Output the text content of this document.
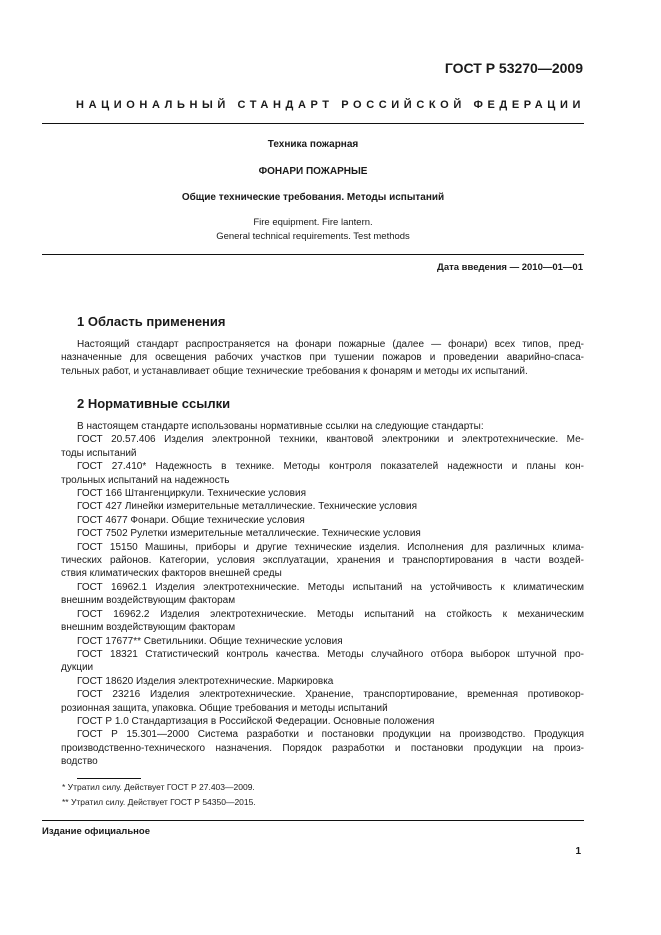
ГОСТ Р 53270—2009
НАЦИОНАЛЬНЫЙ СТАНДАРТ РОССИЙСКОЙ ФЕДЕРАЦИИ
Техника пожарная
ФОНАРИ ПОЖАРНЫЕ
Общие технические требования. Методы испытаний
Fire equipment. Fire lantern.
General technical requirements. Test methods
Дата введения — 2010—01—01
1 Область применения
Настоящий стандарт распространяется на фонари пожарные (далее — фонари) всех типов, пред-
назначенные для освещения рабочих участков при тушении пожаров и проведении аварийно-спаса-
тельных работ, и устанавливает общие технические требования к фонарям и методы их испытаний.
2 Нормативные ссылки
В настоящем стандарте использованы нормативные ссылки на следующие стандарты:
ГОСТ 20.57.406 Изделия электронной техники, квантовой электроники и электротехнические. Ме-
тоды испытаний
ГОСТ 27.410* Надежность в технике. Методы контроля показателей надежности и планы кон-
трольных испытаний на надежность
ГОСТ 166 Штангенциркули. Технические условия
ГОСТ 427 Линейки измерительные металлические. Технические условия
ГОСТ 4677 Фонари. Общие технические условия
ГОСТ 7502 Рулетки измерительные металлические. Технические условия
ГОСТ 15150 Машины, приборы и другие технические изделия. Исполнения для различных клима-
тических районов. Категории, условия эксплуатации, хранения и транспортирования в части воздей-
ствия климатических факторов внешней среды
ГОСТ 16962.1 Изделия электротехнические. Методы испытаний на устойчивость к климатическим
внешним воздействующим факторам
ГОСТ 16962.2 Изделия электротехнические. Методы испытаний на стойкость к механическим
внешним воздействующим факторам
ГОСТ 17677** Светильники. Общие технические условия
ГОСТ 18321 Статистический контроль качества. Методы случайного отбора выборок штучной про-
дукции
ГОСТ 18620 Изделия электротехнические. Маркировка
ГОСТ 23216 Изделия электротехнические. Хранение, транспортирование, временная противокор-
розионная защита, упаковка. Общие требования и методы испытаний
ГОСТ Р 1.0 Стандартизация в Российской Федерации. Основные положения
ГОСТ Р 15.301—2000 Система разработки и постановки продукции на производство. Продукция
производственно-технического назначения. Порядок разработки и постановки продукции на произ-
водство
* Утратил силу. Действует ГОСТ Р 27.403—2009.
** Утратил силу. Действует ГОСТ Р 54350—2015.
Издание официальное
1
